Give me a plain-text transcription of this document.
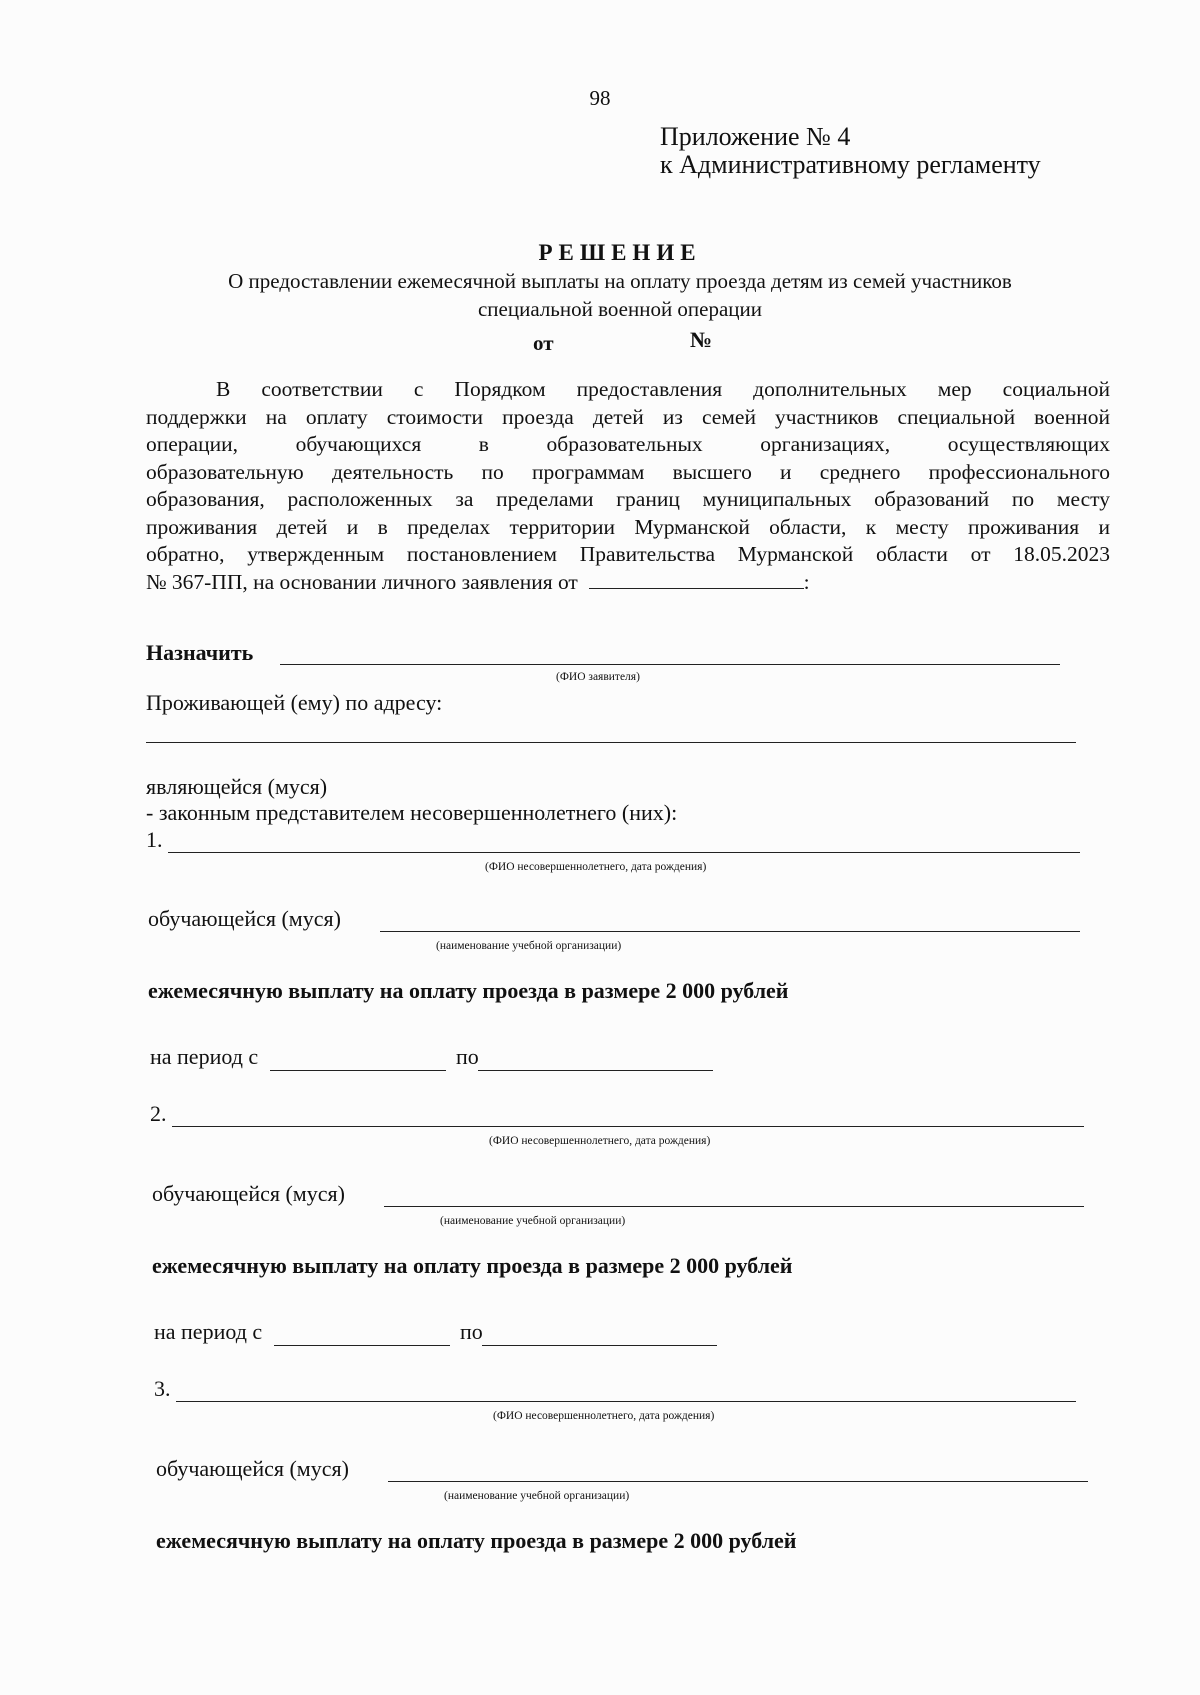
98
Приложение № 4
к Административному регламенту
РЕШЕНИЕ
О предоставлении ежемесячной выплаты на оплату проезда детям из семей участников
специальной военной операции
от	№
В соответствии с Порядком предоставления дополнительных мер социальной
поддержки на оплату стоимости проезда детей из семей участников специальной военной
операции, обучающихся в образовательных организациях, осуществляющих
образовательную деятельность по программам высшего и среднего профессионального
образования, расположенных за пределами границ муниципальных образований по месту
проживания детей и в пределах территории Мурманской области, к месту проживания и
обратно, утвержденным постановлением Правительства Мурманской области от 18.05.2023
№ 367-ПП, на основании личного заявления от	:
Назначить
(ФИО заявителя)
Проживающей (ему) по адресу:
являющейся (муся)
- законным представителем несовершеннолетнего (них):
1.
(ФИО несовершеннолетнего, дата рождения)
обучающейся (муся)
(наименование учебной организации)
ежемесячную выплату на оплату проезда в размере 2 000 рублей
на период с	по
2.
(ФИО несовершеннолетнего, дата рождения)
обучающейся (муся)
(наименование учебной организации)
ежемесячную выплату на оплату проезда в размере 2 000 рублей
на период с	по
3.
(ФИО несовершеннолетнего, дата рождения)
обучающейся (муся)
(наименование учебной организации)
ежемесячную выплату на оплату проезда в размере 2 000 рублей
